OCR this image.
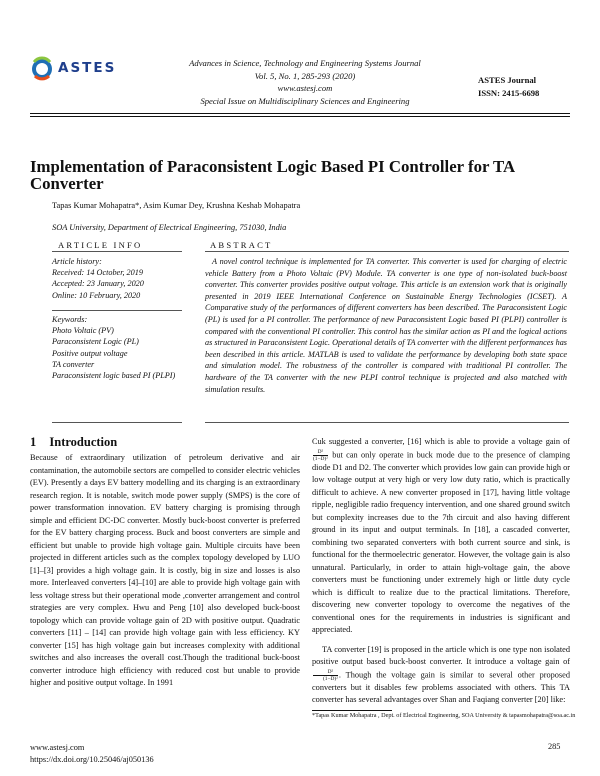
ASTES	Advances in Science, Technology and Engineering Systems Journal
Vol. 5, No. 1, 285-293 (2020)
www.astesj.com
Special Issue on Multidisciplinary Sciences and Engineering
ASTES Journal
ISSN: 2415-6698
Implementation of Paraconsistent Logic Based PI Controller for TA Converter
Tapas Kumar Mohapatra*, Asim Kumar Dey, Krushna Keshab Mohapatra
SOA University, Department of Electrical Engineering, 751030, India
ARTICLE INFO
Article history:
Received: 14 October, 2019
Accepted: 23 January, 2020
Online: 10 February, 2020
Keywords:
Photo Voltaic (PV)
Paraconsistent Logic (PL)
Positive output voltage
TA converter
Paraconsistent logic based PI (PLPI)
ABSTRACT
A novel control technique is implemented for TA converter. This converter is used for charging of electric vehicle Battery from a Photo Voltaic (PV) Module. TA converter is one type of non-isolated buck-boost converter. This converter provides positive output voltage. This article is an extension work that is originally presented in 2019 IEEE International Conference on Sustainable Energy Technologies (ICSET). A Comparative study of the performances of different converters has been described. The Paraconsistent Logic (PL) is used for a PI controller. The performance of new Paraconsistent Logic based PI (PLPI) controller is compared with the conventional PI controller. This control has the similar action as PI and the logical actions as structured in Paraconsistent Logic. Operational details of TA converter with the different performances has been described in this article. MATLAB is used to validate the performance by developing both state space and simulation model. The robustness of the controller is compared with traditional PI controller. The hardware of the TA converter with the new PLPI control technique is projected and also matched with simulation results.
1 Introduction

Because of extraordinary utilization of petroleum derivative and air contamination, the automobile sectors are compelled to consider electric vehicles (EV). Presently a days EV battery modelling and its charging is an extraordinary research region. It is notable, switch mode power supply (SMPS) is the core of power transformation innovation. EV battery charging is promising through simple and efficient DC-DC converter. Mostly buck-boost converter is preferred for the EV battery charging process. Buck and boost converters are simple and efficient but unable to provide high voltage gain. Multiple circuits have been projected in different articles such as the complex topology developed by LUO [1]–[3] provides a high voltage gain. It is costly, big in size and losses is also more. Interleaved converters [4]–[10] are able to provide high voltage gain with less voltage stress but their operational mode ,converter arrangement and control strategies are very complex. Hwu and Peng [10] also developed buck-boost topology which can provide voltage gain of 2D with positive output. Quadratic converters [11] – [14] can provide high voltage gain with less efficiency. KY converter [15] has high voltage gain but increases complexity with additional switches and also increases the overall cost.Though the traditional buck-boost converter introduce high efficiency with reduced cost but unable to provide higher and positive output voltage. In 1991

Cuk suggested a converter, [16] which is able to provide a voltage gain of
$\frac{\text{D²}}{\text{(1−D)²}}$ but can only operate in buck mode due to the presence of clamping diode D1 and D2. The converter which provides low gain can provide high or low voltage output at very high or very low duty ratio, which is practically difficult to achieve. A new converter proposed in [17], having little voltage ripple, negligible radio frequency intervention, and one shared ground switch but complexity increases due to the 7th circuit and also having different ground in its input and output terminals. In [18], a cascaded converter, combining two separated converters with both current source and sink, is functional for the thermoelectric generator. However, the voltage gain is also unnatural. Particularly, in order to attain high-voltage gain, the above converters must be functioning under extremely high or little duty cycle which is difficult to realize due to the practical limitations. Therefore, discovering new converter topology to overcome the negatives of the conventional ones for the requirements in industries is significant and appreciated.

TA converter [19] is proposed in the article which is one type non isolated positive output based buck-boost converter. It introduce a voltage gain of
$\frac{\text{D²}}{\text{(1−D)²}}$ . Though the voltage gain is similar to several other proposed converters but it disables few problems associated with others. This TA converter has several advantages over Shan and Faqiang converter [20] like:

*Tapas Kumar Mohapatra , Dept. of Electrical Engineering, SOA University & tapasmohapatra@soa.ac.in
www.astesj.com
https://dx.doi.org/10.25046/aj050136
285
